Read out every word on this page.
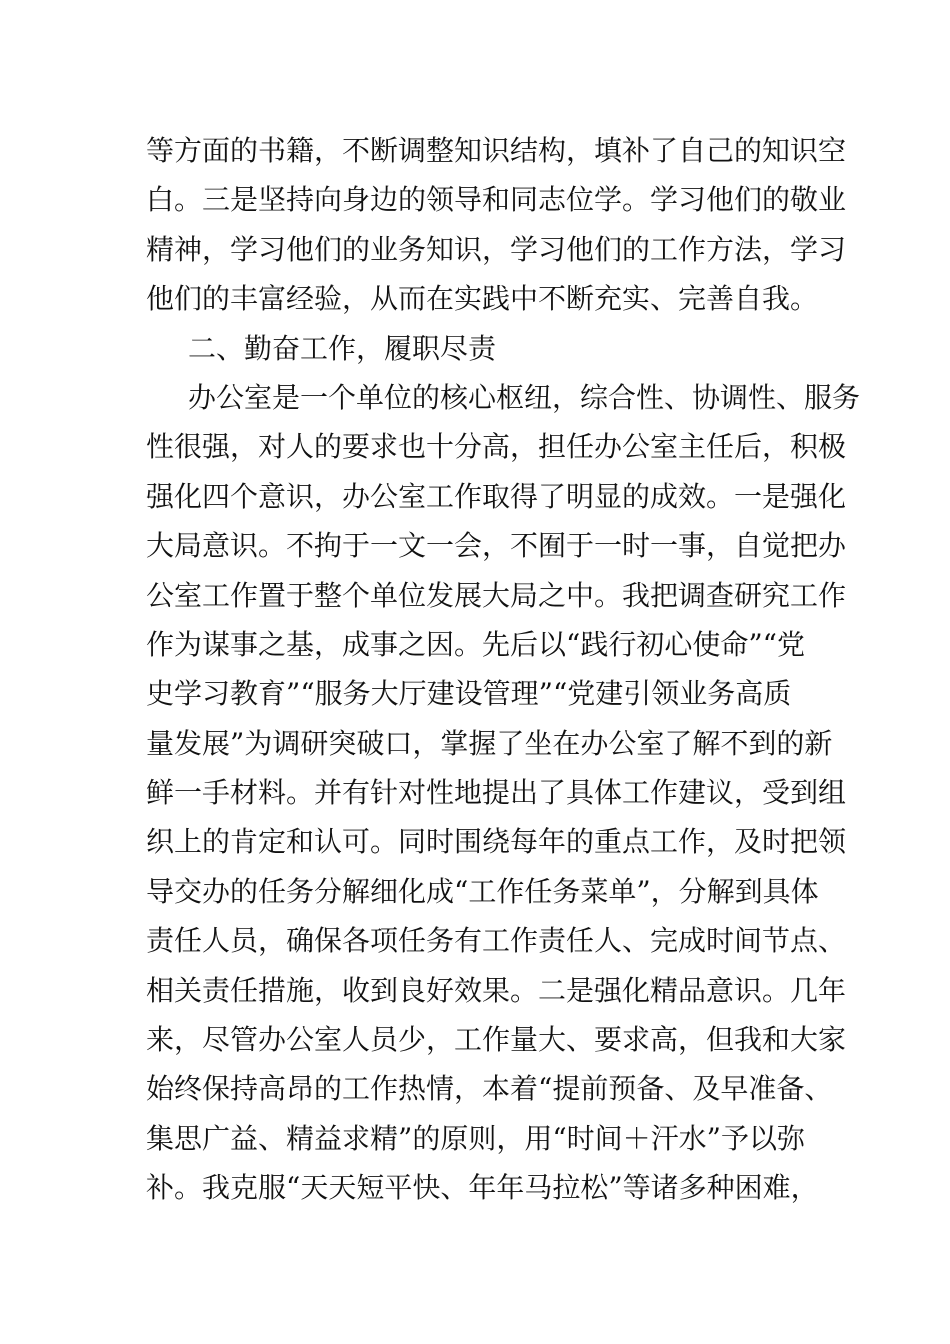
等方面的书籍，不断调整知识结构，填补了自己的知识空
白。三是坚持向身边的领导和同志位学。学习他们的敬业
精神，学习他们的业务知识，学习他们的工作方法，学习
他们的丰富经验，从而在实践中不断充实、完善自我。
二、勤奋工作，履职尽责
办公室是一个单位的核心枢纽，综合性、协调性、服务
性很强，对人的要求也十分高，担任办公室主任后，积极
强化四个意识，办公室工作取得了明显的成效。一是强化
大局意识。不拘于一文一会，不囿于一时一事，自觉把办
公室工作置于整个单位发展大局之中。我把调查研究工作
作为谋事之基，成事之因。先后以“践行初心使命”“党
史学习教育”“服务大厅建设管理”“党建引领业务高质
量发展”为调研突破口，掌握了坐在办公室了解不到的新
鲜一手材料。并有针对性地提出了具体工作建议，受到组
织上的肯定和认可。同时围绕每年的重点工作，及时把领
导交办的任务分解细化成“工作任务菜单”，分解到具体
责任人员，确保各项任务有工作责任人、完成时间节点、
相关责任措施，收到良好效果。二是强化精品意识。几年
来，尽管办公室人员少，工作量大、要求高，但我和大家
始终保持高昂的工作热情，本着“提前预备、及早准备、
集思广益、精益求精”的原则，用“时间＋汗水”予以弥
补。我克服“天天短平快、年年马拉松”等诸多种困难，
